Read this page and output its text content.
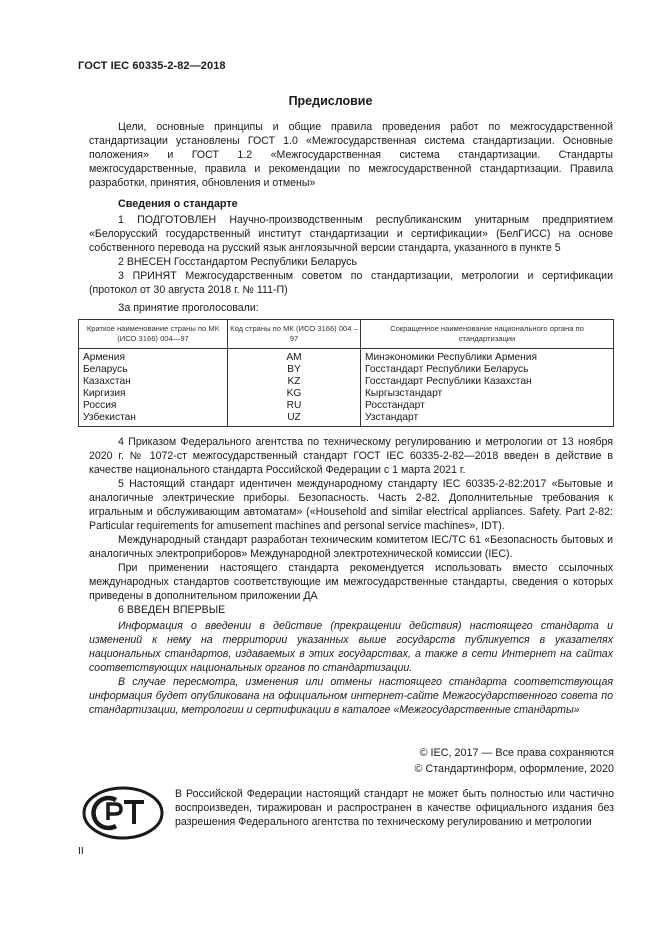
ГОСТ IEC 60335-2-82—2018
Предисловие

Цели, основные принципы и общие правила проведения работ по межгосударственной стандартизации установлены ГОСТ 1.0 «Межгосударственная система стандартизации. Основные положения» и ГОСТ 1.2 «Межгосударственная система стандартизации. Стандарты межгосударственные, правила и рекомендации по межгосударственной стандартизации. Правила разработки, принятия, обновления и отмены»

Сведения о стандарте

1 ПОДГОТОВЛЕН Научно-производственным республиканским унитарным предприятием «Белорусский государственный институт стандартизации и сертификации» (БелГИСС) на основе собственного перевода на русский язык англоязычной версии стандарта, указанного в пункте 5

2 ВНЕСЕН Госстандартом Республики Беларусь

3 ПРИНЯТ Межгосударственным советом по стандартизации, метрологии и сертификации (протокол от 30 августа 2018 г. № 111-П)

За принятие проголосовали:

Краткое наименование страны по МК (ИСО 3166) 004—97	Код страны по МК (ИСО 3166) 004 – 97	Сокращенное наименование национального органа по стандартизации
Армения	AM	Минэкономики Республики Армения
Беларусь	BY	Госстандарт Республики Беларусь
Казахстан	KZ	Госстандарт Республики Казахстан
Киргизия	KG	Кыргызстандарт
Россия	RU	Росстандарт
Узбекистан	UZ	Узстандарт

4 Приказом Федерального агентства по техническому регулированию и метрологии от 13 ноября 2020 г. № 1072-ст межгосударственный стандарт ГОСТ IEC 60335-2-82—2018 введен в действие в качестве национального стандарта Российской Федерации с 1 марта 2021 г.

5 Настоящий стандарт идентичен международному стандарту IEC 60335-2-82:2017 «Бытовые и аналогичные электрические приборы. Безопасность. Часть 2-82. Дополнительные требования к игральным и обслуживающим автоматам» («Household and similar electrical appliances. Safety. Part 2-82: Particular requirements for amusement machines and personal service machines», IDT).

Международный стандарт разработан техническим комитетом IEC/TC 61 «Безопасность бытовых и аналогичных электроприборов» Международной электротехнической комиссии (IEC).

При применении настоящего стандарта рекомендуется использовать вместо ссылочных международных стандартов соответствующие им межгосударственные стандарты, сведения о которых приведены в дополнительном приложении ДА

6 ВВЕДЕН ВПЕРВЫЕ

Информация о введении в действие (прекращении действия) настоящего стандарта и изменений к нему на территории указанных выше государств публикуется в указателях национальных стандартов, издаваемых в этих государствах, а также в сети Интернет на сайтах соответствующих национальных органов по стандартизации.

В случае пересмотра, изменения или отмены настоящего стандарта соответствующая информация будет опубликована на официальном интернет-сайте Межгосударственного совета по стандартизации, метрологии и сертификации в каталоге «Межгосударственные стандарты»

© IEC, 2017 — Все права сохраняются
© Стандартинформ, оформление, 2020
В Российской Федерации настоящий стандарт не может быть полностью или частично воспроизведен, тиражирован и распространен в качестве официального издания без разрешения Федерального агентства по техническому регулированию и метрологии
II
